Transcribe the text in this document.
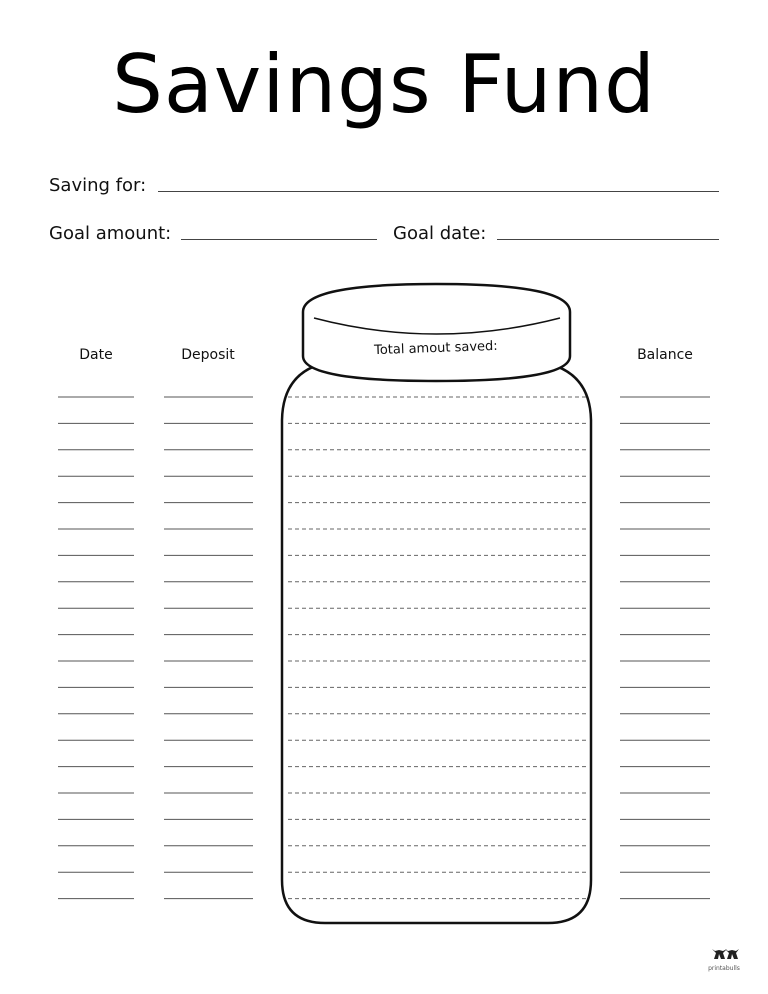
Savings Fund
Saving for:
Goal amount:	Goal date:
Date	Deposit	Balance
Total amout saved:
printabulls
